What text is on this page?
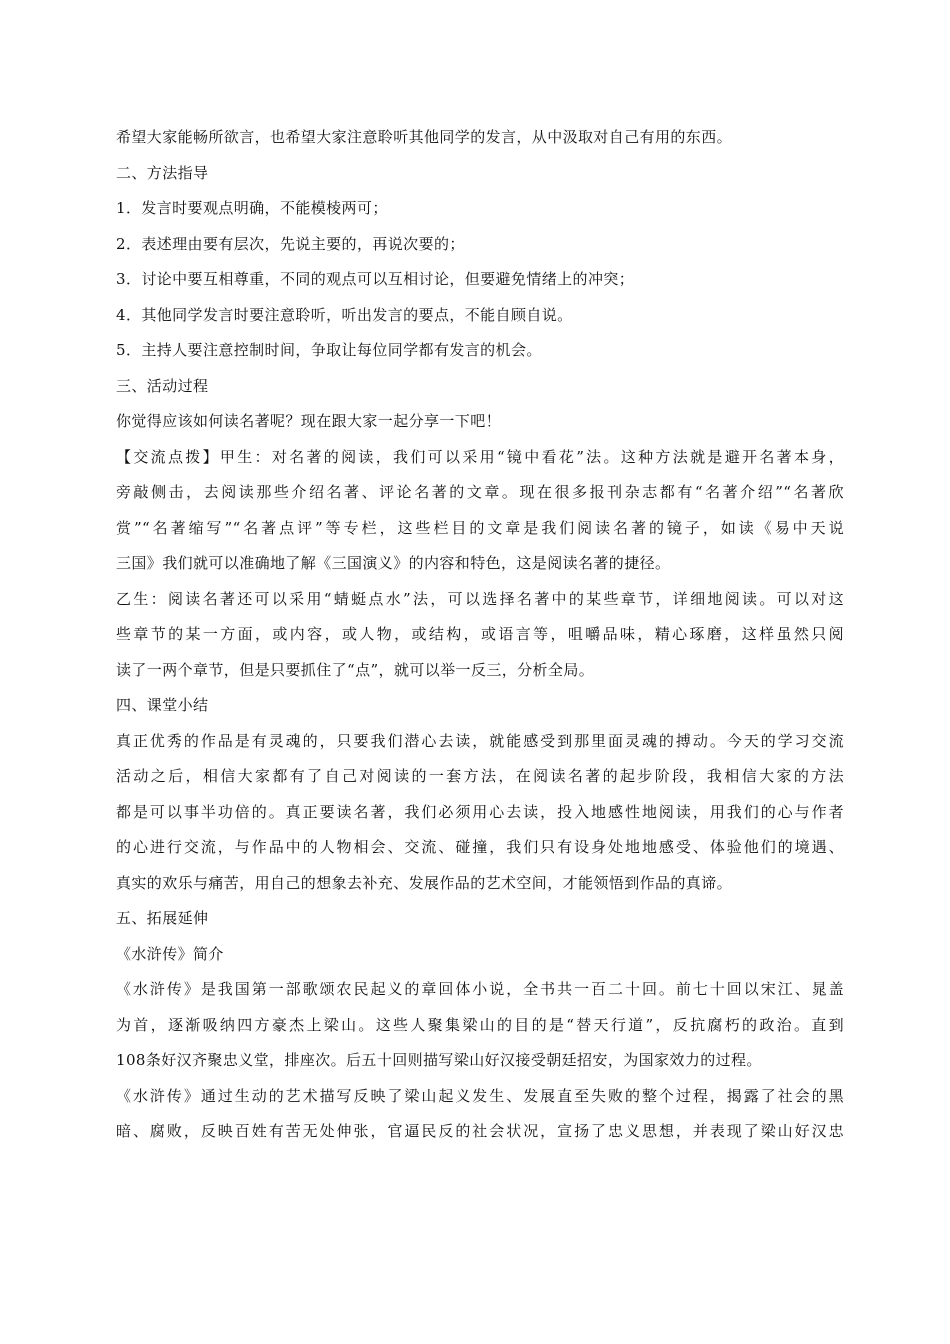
希望大家能畅所欲言，也希望大家注意聆听其他同学的发言，从中汲取对自己有用的东西。
二、方法指导
1．发言时要观点明确，不能模棱两可；
2．表述理由要有层次，先说主要的，再说次要的；
3．讨论中要互相尊重，不同的观点可以互相讨论，但要避免情绪上的冲突；
4．其他同学发言时要注意聆听，听出发言的要点，不能自顾自说。
5．主持人要注意控制时间，争取让每位同学都有发言的机会。
三、活动过程
你觉得应该如何读名著呢？现在跟大家一起分享一下吧！
【交流点拨】甲生：对名著的阅读，我们可以采用“镜中看花”法。这种方法就是避开名著本身，
旁敲侧击，去阅读那些介绍名著、评论名著的文章。现在很多报刊杂志都有“名著介绍”“名著欣
赏”“名著缩写”“名著点评”等专栏，这些栏目的文章是我们阅读名著的镜子，如读《易中天说
三国》我们就可以准确地了解《三国演义》的内容和特色，这是阅读名著的捷径。
乙生：阅读名著还可以采用“蜻蜓点水”法，可以选择名著中的某些章节，详细地阅读。可以对这
些章节的某一方面，或内容，或人物，或结构，或语言等，咀嚼品味，精心琢磨，这样虽然只阅
读了一两个章节，但是只要抓住了“点”，就可以举一反三，分析全局。
四、课堂小结
真正优秀的作品是有灵魂的，只要我们潜心去读，就能感受到那里面灵魂的搏动。今天的学习交流
活动之后，相信大家都有了自己对阅读的一套方法，在阅读名著的起步阶段，我相信大家的方法
都是可以事半功倍的。真正要读名著，我们必须用心去读，投入地感性地阅读，用我们的心与作者
的心进行交流，与作品中的人物相会、交流、碰撞，我们只有设身处地地感受、体验他们的境遇、
真实的欢乐与痛苦，用自己的想象去补充、发展作品的艺术空间，才能领悟到作品的真谛。
五、拓展延伸
《水浒传》简介
《水浒传》是我国第一部歌颂农民起义的章回体小说，全书共一百二十回。前七十回以宋江、晁盖
为首，逐渐吸纳四方豪杰上梁山。这些人聚集梁山的目的是“替天行道”，反抗腐朽的政治。直到
108条好汉齐聚忠义堂，排座次。后五十回则描写梁山好汉接受朝廷招安，为国家效力的过程。
《水浒传》通过生动的艺术描写反映了梁山起义发生、发展直至失败的整个过程，揭露了社会的黑
暗、腐败，反映百姓有苦无处伸张，官逼民反的社会状况，宣扬了忠义思想，并表现了梁山好汉忠
